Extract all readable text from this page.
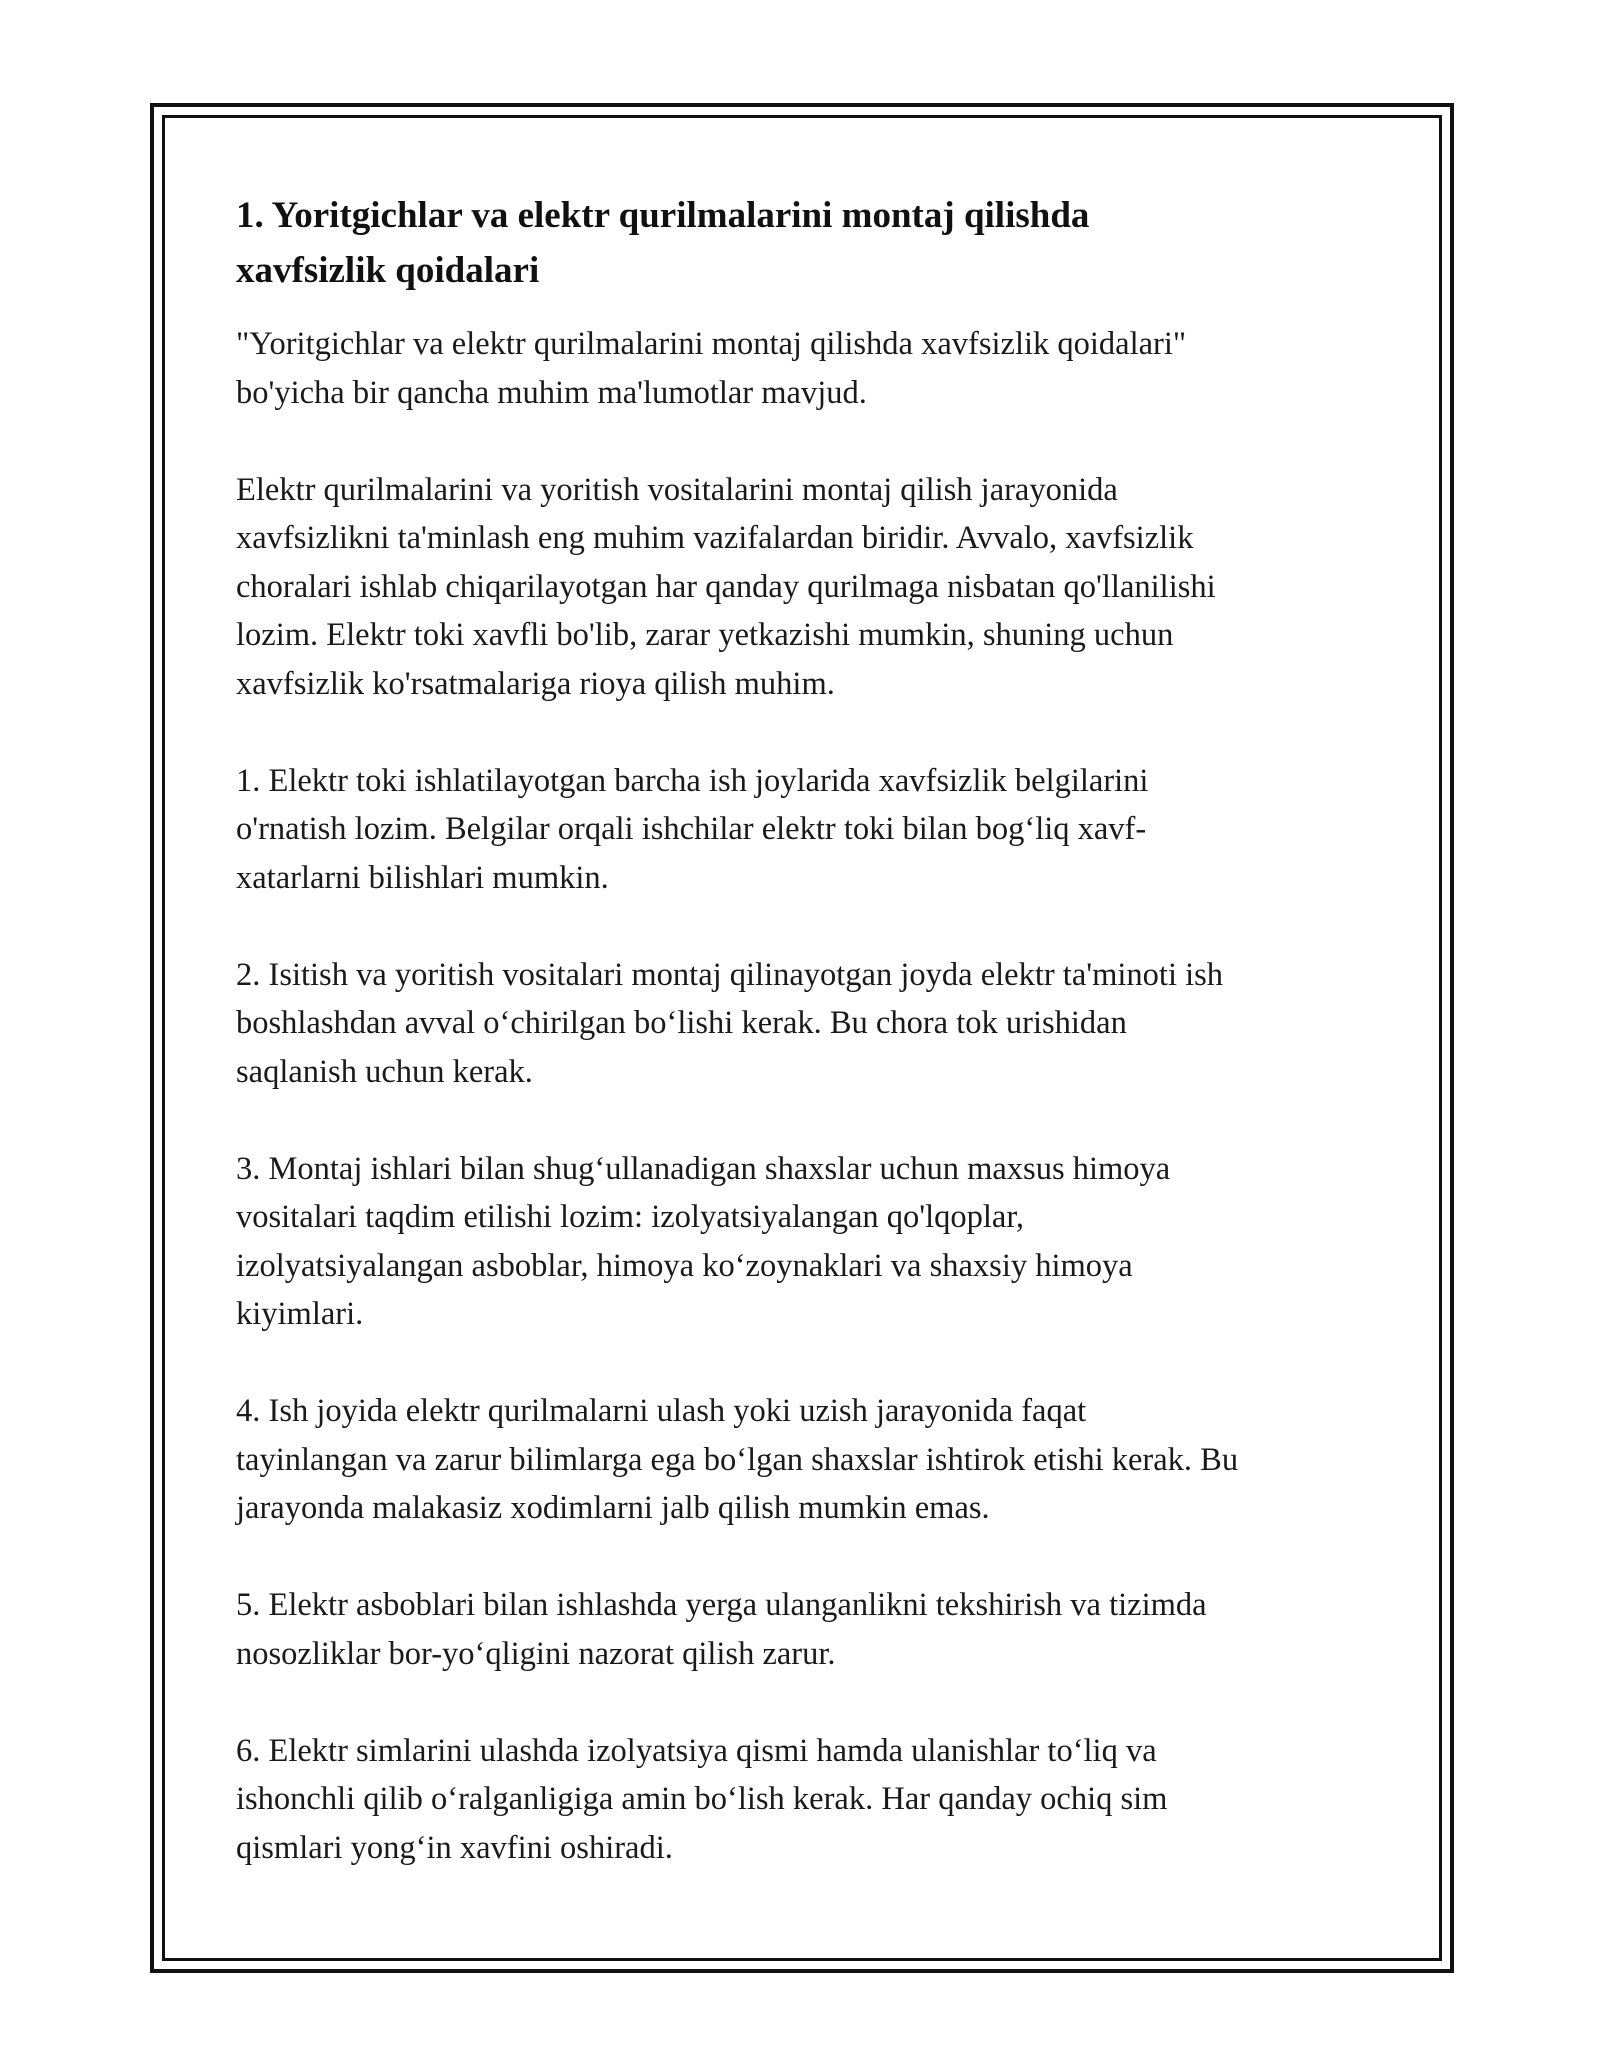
1. Yoritgichlar va elektr qurilmalarini montaj qilishda
xavfsizlik qoidalari

"Yoritgichlar va elektr qurilmalarini montaj qilishda xavfsizlik qoidalari"
bo'yicha bir qancha muhim ma'lumotlar mavjud.

Elektr qurilmalarini va yoritish vositalarini montaj qilish jarayonida
xavfsizlikni ta'minlash eng muhim vazifalardan biridir. Avvalo, xavfsizlik
choralari ishlab chiqarilayotgan har qanday qurilmaga nisbatan qo'llanilishi
lozim. Elektr toki xavfli bo'lib, zarar yetkazishi mumkin, shuning uchun
xavfsizlik ko'rsatmalariga rioya qilish muhim.

1. Elektr toki ishlatilayotgan barcha ish joylarida xavfsizlik belgilarini
o'rnatish lozim. Belgilar orqali ishchilar elektr toki bilan bog‘liq xavf-
xatarlarni bilishlari mumkin.

2. Isitish va yoritish vositalari montaj qilinayotgan joyda elektr ta'minoti ish
boshlashdan avval o‘chirilgan bo‘lishi kerak. Bu chora tok urishidan
saqlanish uchun kerak.

3. Montaj ishlari bilan shug‘ullanadigan shaxslar uchun maxsus himoya
vositalari taqdim etilishi lozim: izolyatsiyalangan qo'lqoplar,
izolyatsiyalangan asboblar, himoya ko‘zoynaklari va shaxsiy himoya
kiyimlari.

4. Ish joyida elektr qurilmalarni ulash yoki uzish jarayonida faqat
tayinlangan va zarur bilimlarga ega bo‘lgan shaxslar ishtirok etishi kerak. Bu
jarayonda malakasiz xodimlarni jalb qilish mumkin emas.

5. Elektr asboblari bilan ishlashda yerga ulanganlikni tekshirish va tizimda
nosozliklar bor-yo‘qligini nazorat qilish zarur.

6. Elektr simlarini ulashda izolyatsiya qismi hamda ulanishlar to‘liq va
ishonchli qilib o‘ralganligiga amin bo‘lish kerak. Har qanday ochiq sim
qismlari yong‘in xavfini oshiradi.
